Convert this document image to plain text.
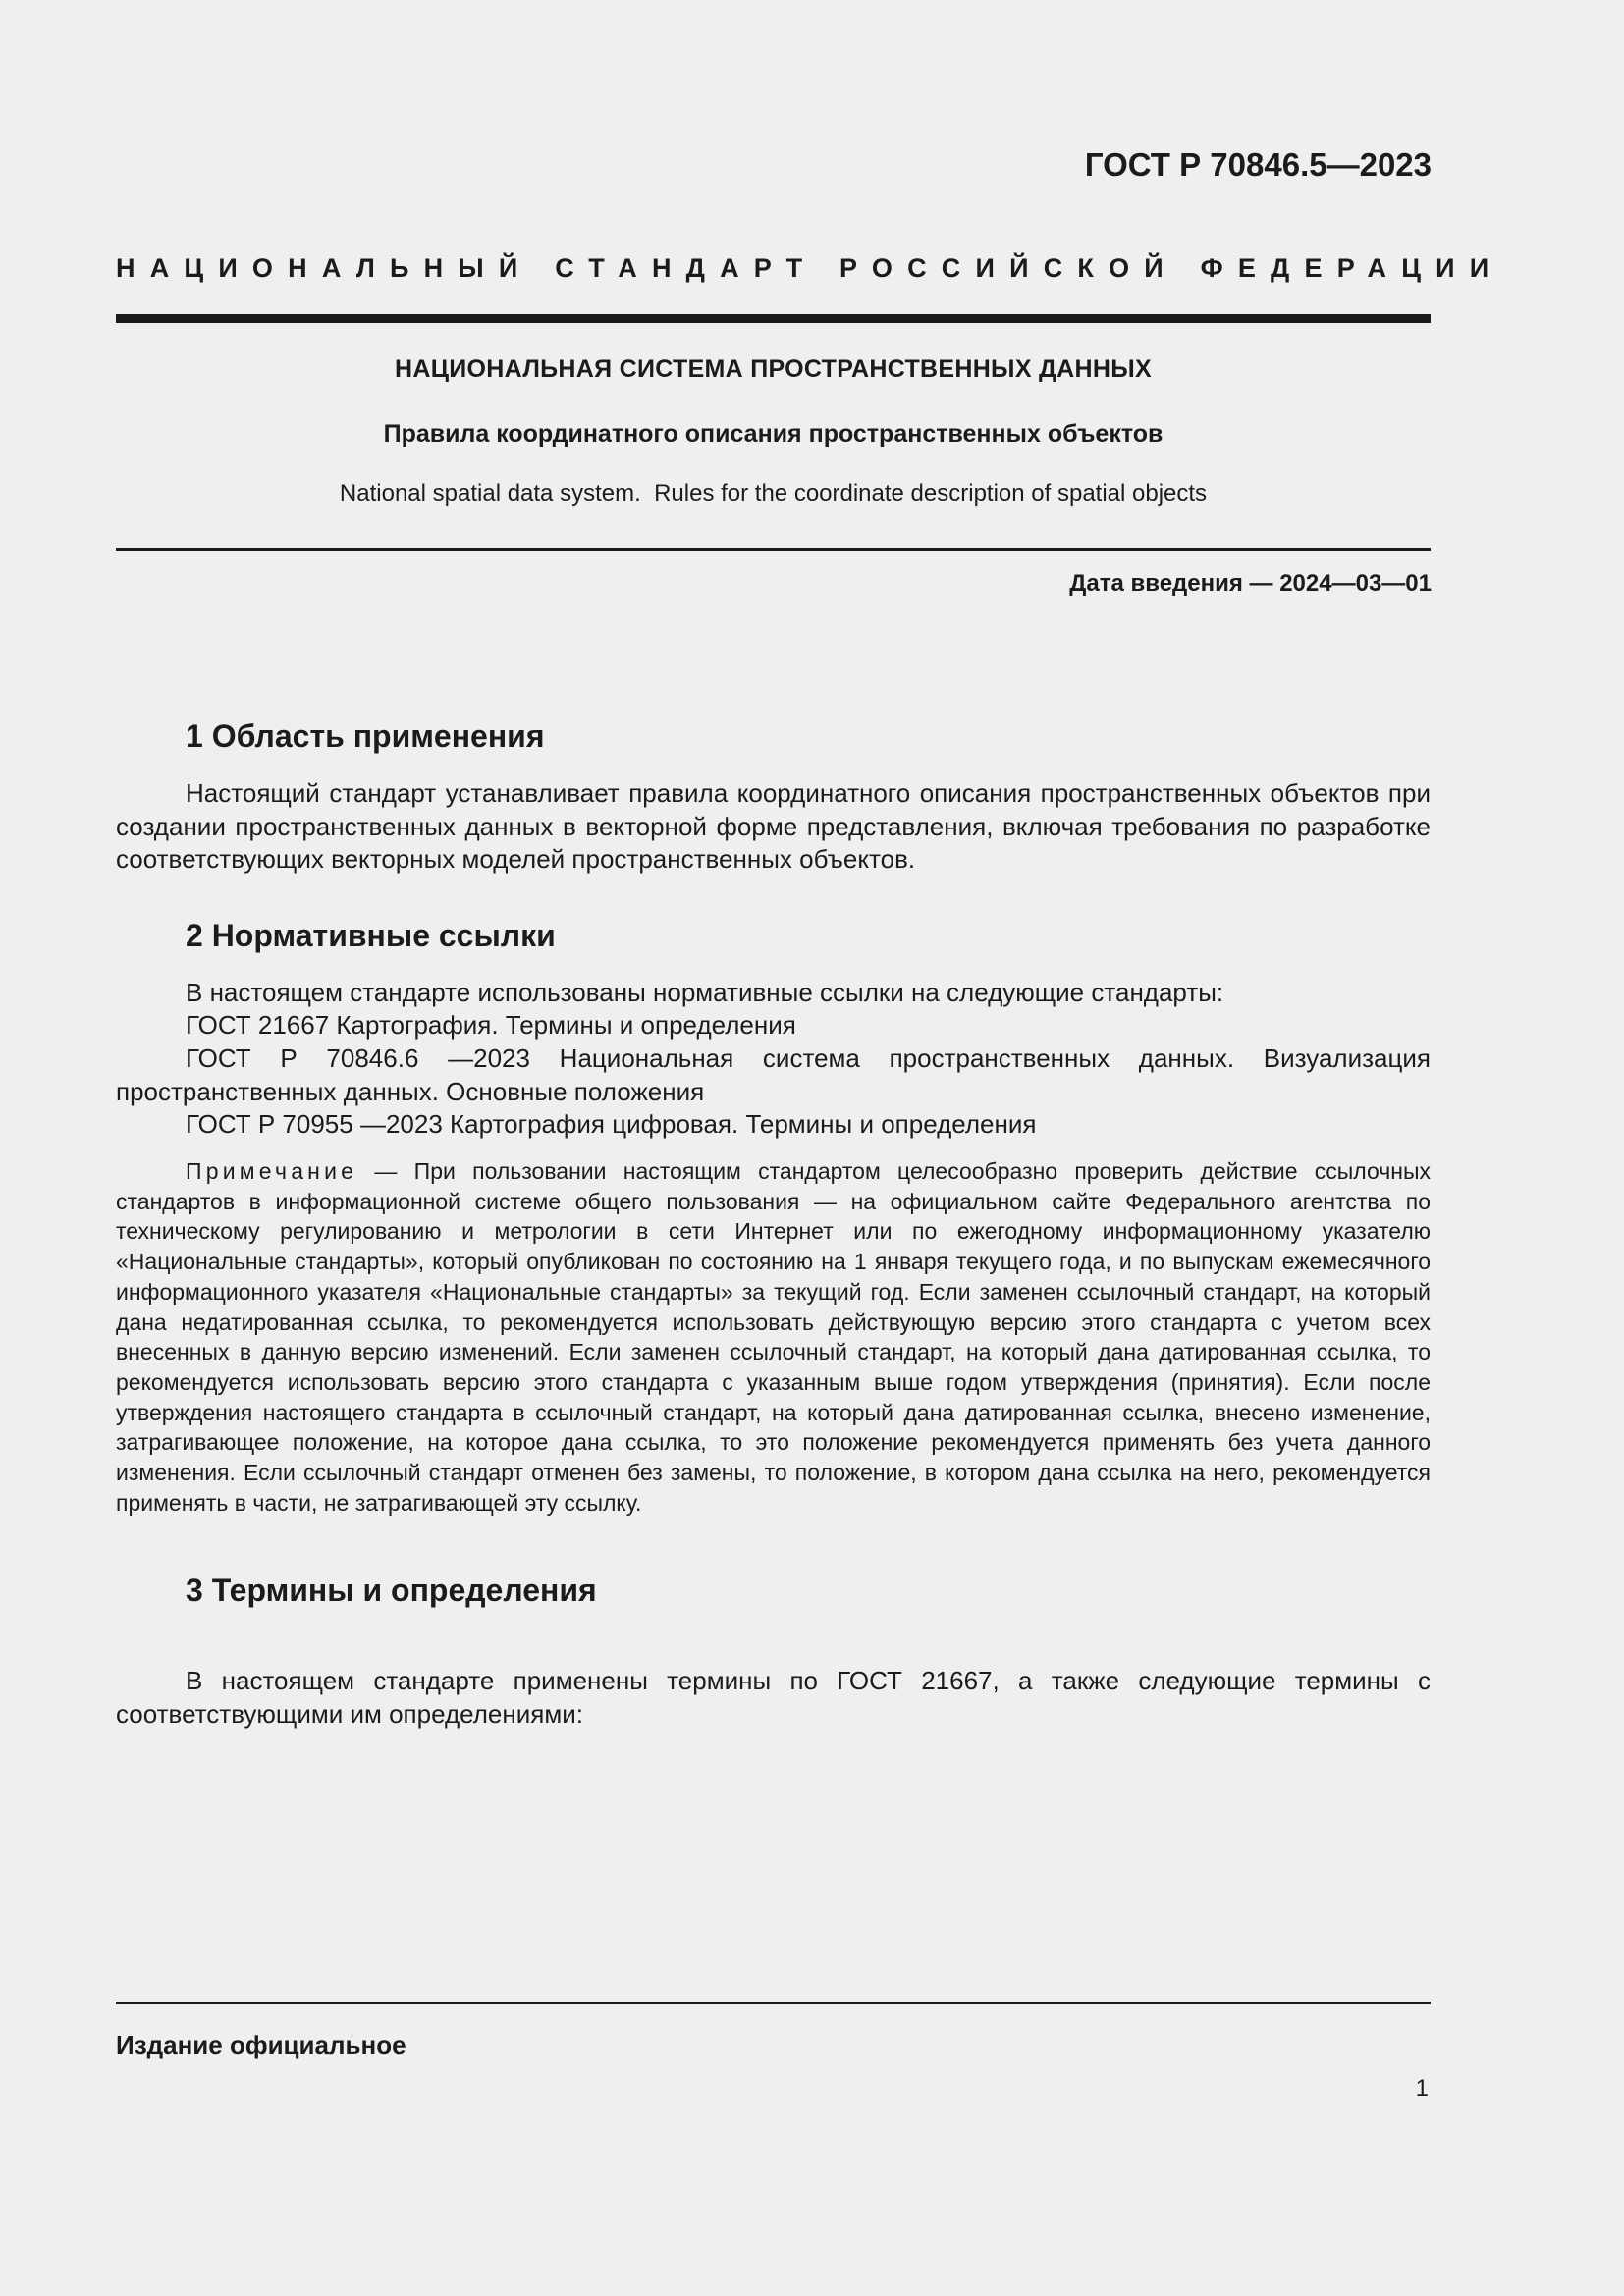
ГОСТ Р 70846.5—2023
НАЦИОНАЛЬНЫЙ СТАНДАРТ РОССИЙСКОЙ ФЕДЕРАЦИИ
НАЦИОНАЛЬНАЯ СИСТЕМА ПРОСТРАНСТВЕННЫХ ДАННЫХ
Правила координатного описания пространственных объектов
National spatial data system.  Rules for the coordinate description of spatial objects
Дата введения — 2024—03—01
1 Область применения

Настоящий стандарт устанавливает правила координатного описания пространственных объектов при создании пространственных данных в векторной форме представления, включая требования по разработке соответствующих векторных моделей пространственных объектов.

2 Нормативные ссылки

В настоящем стандарте использованы нормативные ссылки на следующие стандарты:

ГОСТ 21667 Картография. Термины и определения

ГОСТ Р 70846.6 —2023 Национальная система пространственных данных. Визуализация пространственных данных. Основные положения

ГОСТ Р 70955 —2023 Картография цифровая. Термины и определения

Примечание — При пользовании настоящим стандартом целесообразно проверить действие ссылочных стандартов в информационной системе общего пользования — на официальном сайте Федерального агентства по техническому регулированию и метрологии в сети Интернет или по ежегодному информационному указателю «Национальные стандарты», который опубликован по состоянию на 1 января текущего года, и по выпускам ежемесячного информационного указателя «Национальные стандарты» за текущий год. Если заменен ссылочный стандарт, на который дана недатированная ссылка, то рекомендуется использовать действующую версию этого стандарта с учетом всех внесенных в данную версию изменений. Если заменен ссылочный стандарт, на который дана датированная ссылка, то рекомендуется использовать версию этого стандарта с указанным выше годом утверждения (принятия). Если после утверждения настоящего стандарта в ссылочный стандарт, на который дана датированная ссылка, внесено изменение, затрагивающее положение, на которое дана ссылка, то это положение рекомендуется применять без учета данного изменения. Если ссылочный стандарт отменен без замены, то положение, в котором дана ссылка на него, рекомендуется применять в части, не затрагивающей эту ссылку.

3 Термины и определения

В настоящем стандарте применены термины по ГОСТ 21667, а также следующие термины с соответствующими им определениями:

Издание официальное
1
